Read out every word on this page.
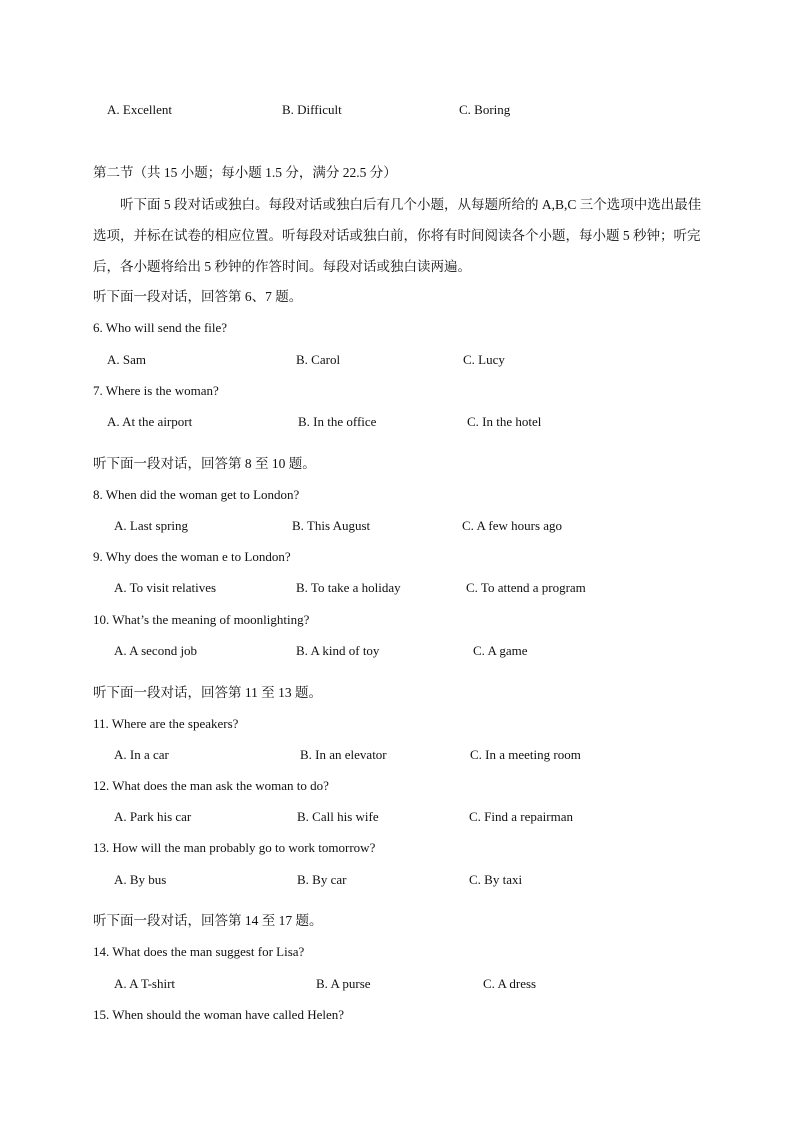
A. Excellent	B. Difficult	C. Boring
第二节（共 15 小题；每小题 1.5 分，满分 22.5 分）
听下面 5 段对话或独白。每段对话或独白后有几个小题，从每题所给的 A,B,C 三个选项中选出最佳选项，并标在试卷的相应位置。听每段对话或独白前，你将有时间阅读各个小题，每小题 5 秒钟；听完后，各小题将给出 5 秒钟的作答时间。每段对话或独白读两遍。
听下面一段对话，回答第 6、7 题。
6. Who will send the file?
A. Sam	B. Carol	C. Lucy
7. Where is the woman?
A. At the airport	B. In the office	C. In the hotel
听下面一段对话，回答第 8 至 10 题。
8. When did the woman get to London?
A. Last spring	B. This August	C. A few hours ago
9. Why does the woman e to London?
A. To visit relatives	B. To take a holiday	C. To attend a program
10. What’s the meaning of moonlighting?
A. A second job	B. A kind of toy	C. A game
听下面一段对话，回答第 11 至 13 题。
11. Where are the speakers?
A. In a car	B. In an elevator	C. In a meeting room
12. What does the man ask the woman to do?
A. Park his car	B. Call his wife	C. Find a repairman
13. How will the man probably go to work tomorrow?
A. By bus	B. By car	C. By taxi
听下面一段对话，回答第 14 至 17 题。
14. What does the man suggest for Lisa?
A. A T-shirt	B. A purse	C. A dress
15. When should the woman have called Helen?
